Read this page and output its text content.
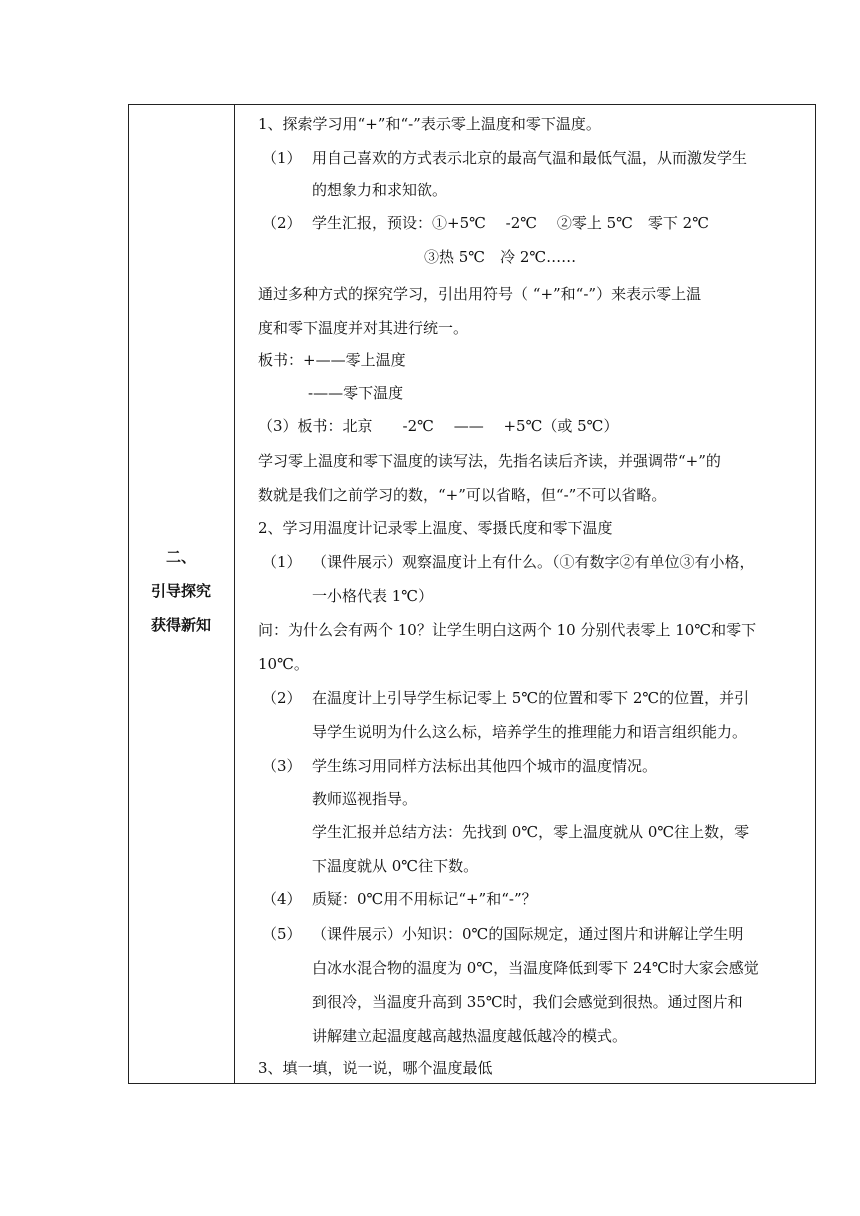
二、
引导探究
获得新知
1、探索学习用“+”和“-”表示零上温度和零下温度。
（1） 用自己喜欢的方式表示北京的最高气温和最低气温，从而激发学生
的想象力和求知欲。
（2） 学生汇报，预设：①+5℃　 -2℃　 ②零上 5℃　零下 2℃
③热 5℃　冷 2℃……
通过多种方式的探究学习，引出用符号（ “+”和“-”）来表示零上温
度和零下温度并对其进行统一。
板书：+——零上温度
-——零下温度
（3）板书：北京　　-2℃　 ——　 +5℃（或 5℃）
学习零上温度和零下温度的读写法，先指名读后齐读，并强调带“+”的
数就是我们之前学习的数，“+”可以省略，但“-”不可以省略。
2、学习用温度计记录零上温度、零摄氏度和零下温度
（1） （课件展示）观察温度计上有什么。（①有数字②有单位③有小格，
一小格代表 1℃）
问：为什么会有两个 10？让学生明白这两个 10 分别代表零上 10℃和零下
10℃。
（2） 在温度计上引导学生标记零上 5℃的位置和零下 2℃的位置，并引
导学生说明为什么这么标，培养学生的推理能力和语言组织能力。
（3） 学生练习用同样方法标出其他四个城市的温度情况。
教师巡视指导。
学生汇报并总结方法：先找到 0℃，零上温度就从 0℃往上数，零
下温度就从 0℃往下数。
（4） 质疑：0℃用不用标记“+”和“-”？
（5） （课件展示）小知识：0℃的国际规定，通过图片和讲解让学生明
白冰水混合物的温度为 0℃，当温度降低到零下 24℃时大家会感觉
到很冷，当温度升高到 35℃时，我们会感觉到很热。通过图片和
讲解建立起温度越高越热温度越低越冷的模式。
3、填一填，说一说，哪个温度最低
